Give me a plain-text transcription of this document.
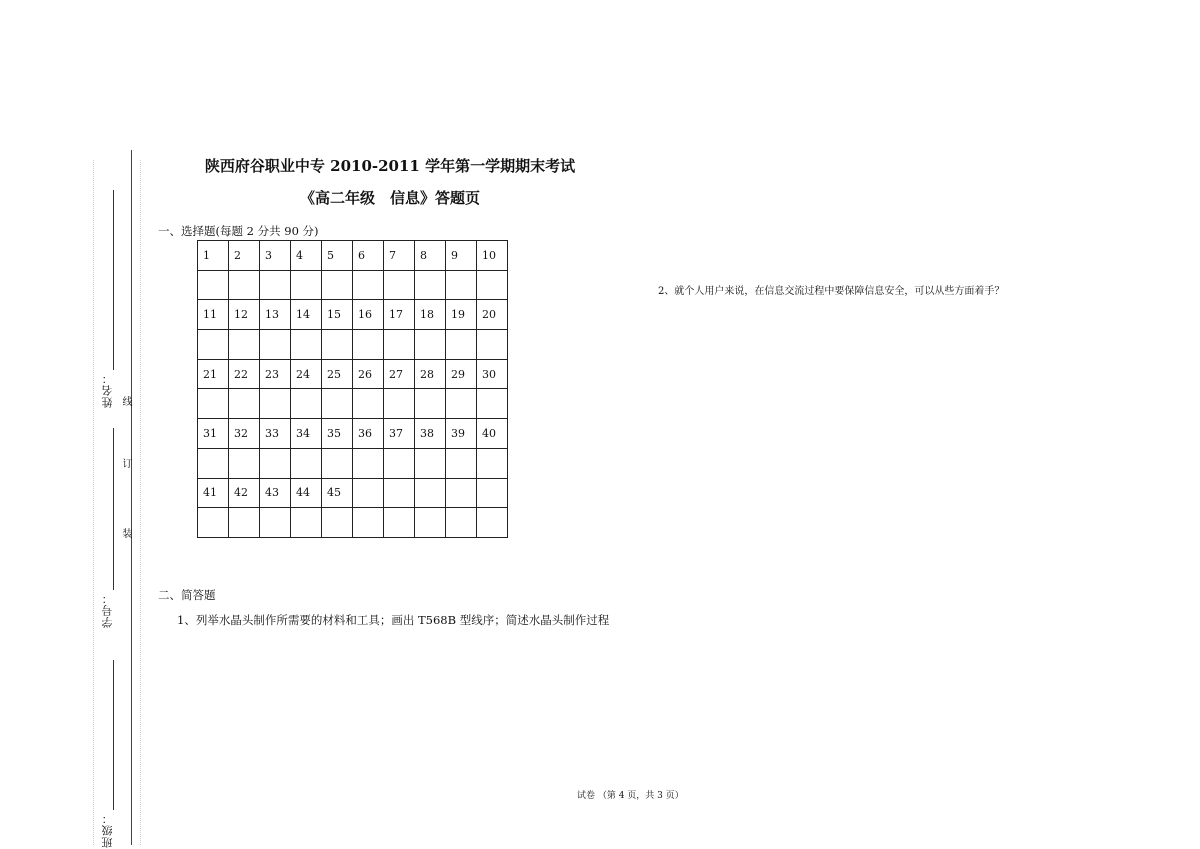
姓名：
学号：
班级：
线
订
装
陕西府谷职业中专 2010-2011 学年第一学期期末考试
《高二年级　信息》答题页
一、选择题(每题 2 分共 90 分)
1	2	3	4	5	6	7	8	9	10

11	12	13	14	15	16	17	18	19	20

21	22	23	24	25	26	27	28	29	30

31	32	33	34	35	36	37	38	39	40

41	42	43	44	45					

2、就个人用户来说，在信息交流过程中要保障信息安全，可以从些方面着手？
二、简答题
1、列举水晶头制作所需要的材料和工具；画出 T568B 型线序；简述水晶头制作过程
试卷 （第 4 页，共 3 页）
